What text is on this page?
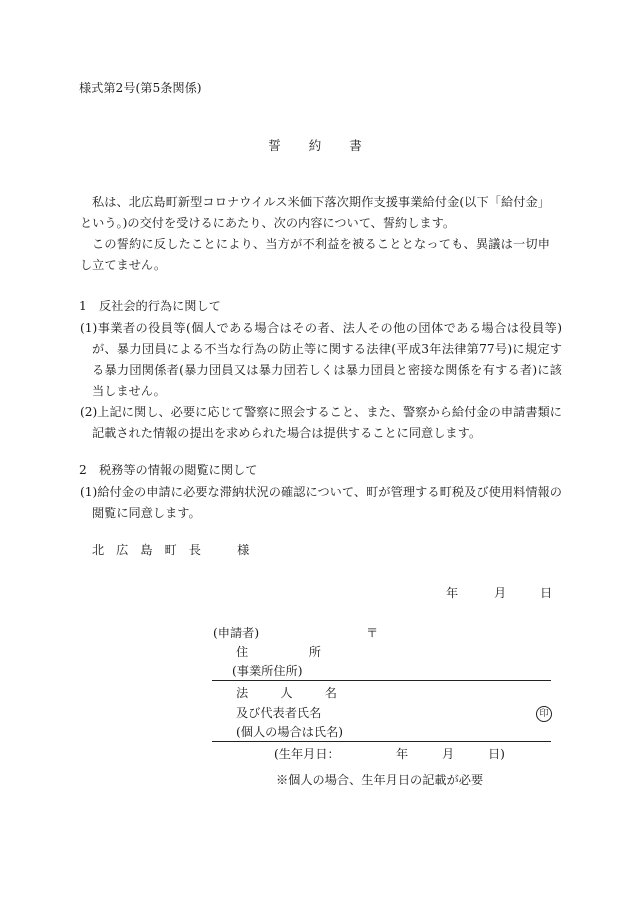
様式第2号(第5条関係)
誓約書
私は、北広島町新型コロナウイルス米価下落次期作支援事業給付金(以下「給付金」という。)の交付を受けるにあたり、次の内容について、誓約します。
この誓約に反したことにより、当方が不利益を被ることとなっても、異議は一切申し立てません。
1　反社会的行為に関して
(1)事業者の役員等(個人である場合はその者、法人その他の団体である場合は役員等)が、暴力団員による不当な行為の防止等に関する法律(平成3年法律第77号)に規定する暴力団関係者(暴力団員又は暴力団若しくは暴力団員と密接な関係を有する者)に該当しません。
(2)上記に関し、必要に応じて警察に照会すること、また、警察から給付金の申請書類に記載された情報の提出を求められた場合は提供することに同意します。
2　税務等の情報の閲覧に関して
(1)給付金の申請に必要な滞納状況の確認について、町が管理する町税及び使用料情報の閲覧に同意します。
北広島町長　様
年	月	日
(申請者)	〒
住　　　所
(事業所住所)
法　人　名
及び代表者氏名	印
(個人の場合は氏名)
(生年月日：	年	月	日)
※個人の場合、生年月日の記載が必要
